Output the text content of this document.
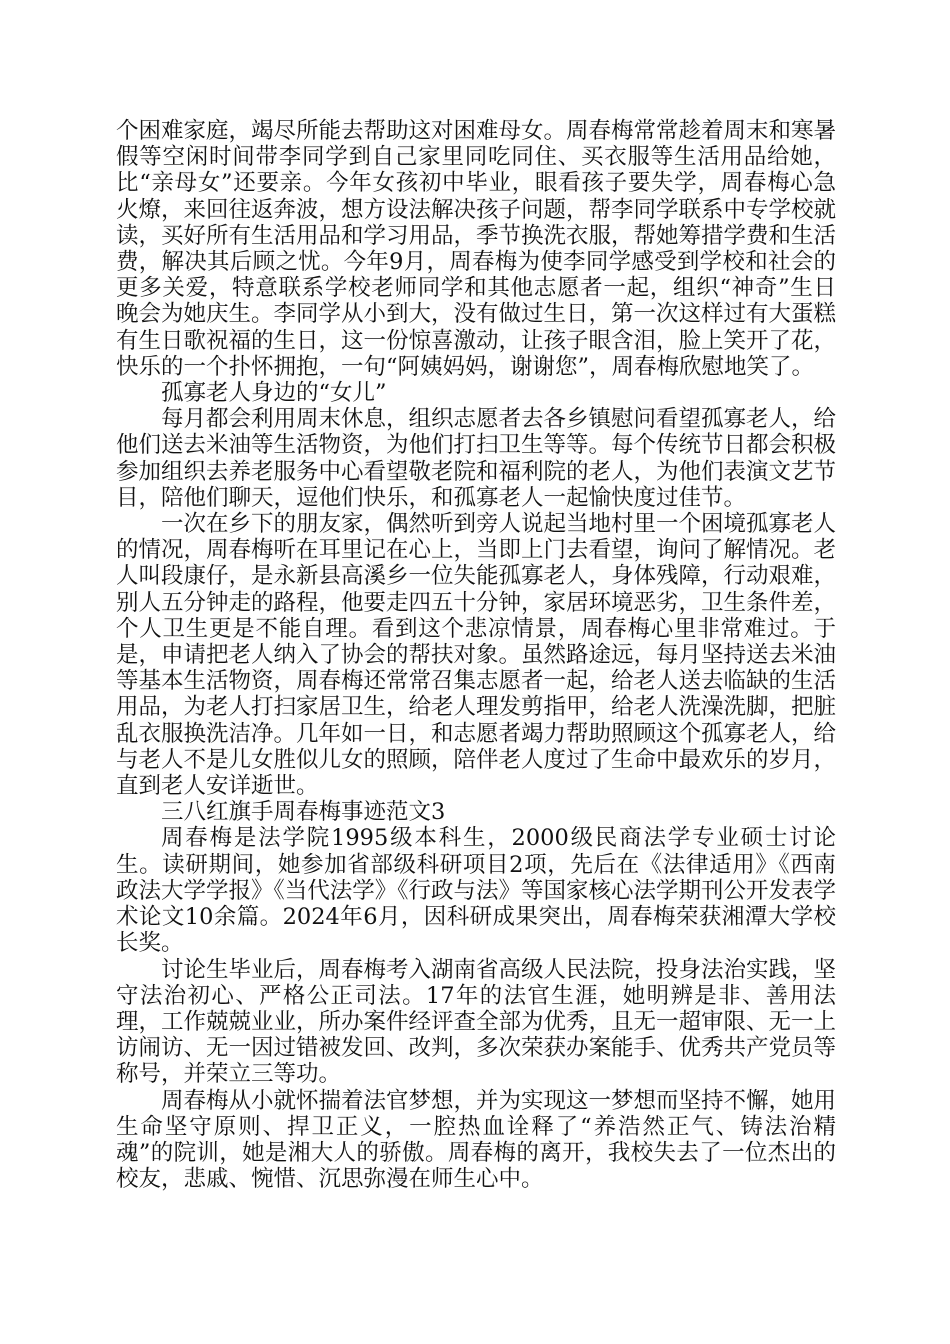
个困难家庭，竭尽所能去帮助这对困难母女。周春梅常常趁着周末和寒暑假等空闲时间带李同学到自己家里同吃同住、买衣服等生活用品给她，比“亲母女”还要亲。今年女孩初中毕业，眼看孩子要失学，周春梅心急火燎，来回往返奔波，想方设法解决孩子问题，帮李同学联系中专学校就读，买好所有生活用品和学习用品，季节换洗衣服，帮她筹措学费和生活费，解决其后顾之忧。今年9月，周春梅为使李同学感受到学校和社会的更多关爱，特意联系学校老师同学和其他志愿者一起，组织“神奇”生日晚会为她庆生。李同学从小到大，没有做过生日，第一次这样过有大蛋糕有生日歌祝福的生日，这一份惊喜激动，让孩子眼含泪，脸上笑开了花，快乐的一个扑怀拥抱，一句“阿姨妈妈，谢谢您”，周春梅欣慰地笑了。

孤寡老人身边的“女儿”

每月都会利用周末休息，组织志愿者去各乡镇慰问看望孤寡老人，给他们送去米油等生活物资，为他们打扫卫生等等。每个传统节日都会积极参加组织去养老服务中心看望敬老院和福利院的老人，为他们表演文艺节目，陪他们聊天，逗他们快乐，和孤寡老人一起愉快度过佳节。

一次在乡下的朋友家，偶然听到旁人说起当地村里一个困境孤寡老人的情况，周春梅听在耳里记在心上，当即上门去看望，询问了解情况。老人叫段康仔，是永新县高溪乡一位失能孤寡老人，身体残障，行动艰难，别人五分钟走的路程，他要走四五十分钟，家居环境恶劣，卫生条件差，个人卫生更是不能自理。看到这个悲凉情景，周春梅心里非常难过。于是，申请把老人纳入了协会的帮扶对象。虽然路途远，每月坚持送去米油等基本生活物资，周春梅还常常召集志愿者一起，给老人送去临缺的生活用品，为老人打扫家居卫生，给老人理发剪指甲，给老人洗澡洗脚，把脏乱衣服换洗洁净。几年如一日，和志愿者竭力帮助照顾这个孤寡老人，给与老人不是儿女胜似儿女的照顾，陪伴老人度过了生命中最欢乐的岁月，直到老人安详逝世。

三八红旗手周春梅事迹范文3

周春梅是法学院1995级本科生，2000级民商法学专业硕士讨论生。读研期间，她参加省部级科研项目2项，先后在《法律适用》《西南政法大学学报》《当代法学》《行政与法》等国家核心法学期刊公开发表学术论文10余篇。2024年6月，因科研成果突出，周春梅荣获湘潭大学校长奖。

讨论生毕业后，周春梅考入湖南省高级人民法院，投身法治实践，坚守法治初心、严格公正司法。17年的法官生涯，她明辨是非、善用法理，工作兢兢业业，所办案件经评查全部为优秀，且无一超审限、无一上访闹访、无一因过错被发回、改判，多次荣获办案能手、优秀共产党员等称号，并荣立三等功。

周春梅从小就怀揣着法官梦想，并为实现这一梦想而坚持不懈，她用生命坚守原则、捍卫正义，一腔热血诠释了“养浩然正气、铸法治精魂”的院训，她是湘大人的骄傲。周春梅的离开，我校失去了一位杰出的校友，悲戚、惋惜、沉思弥漫在师生心中。
